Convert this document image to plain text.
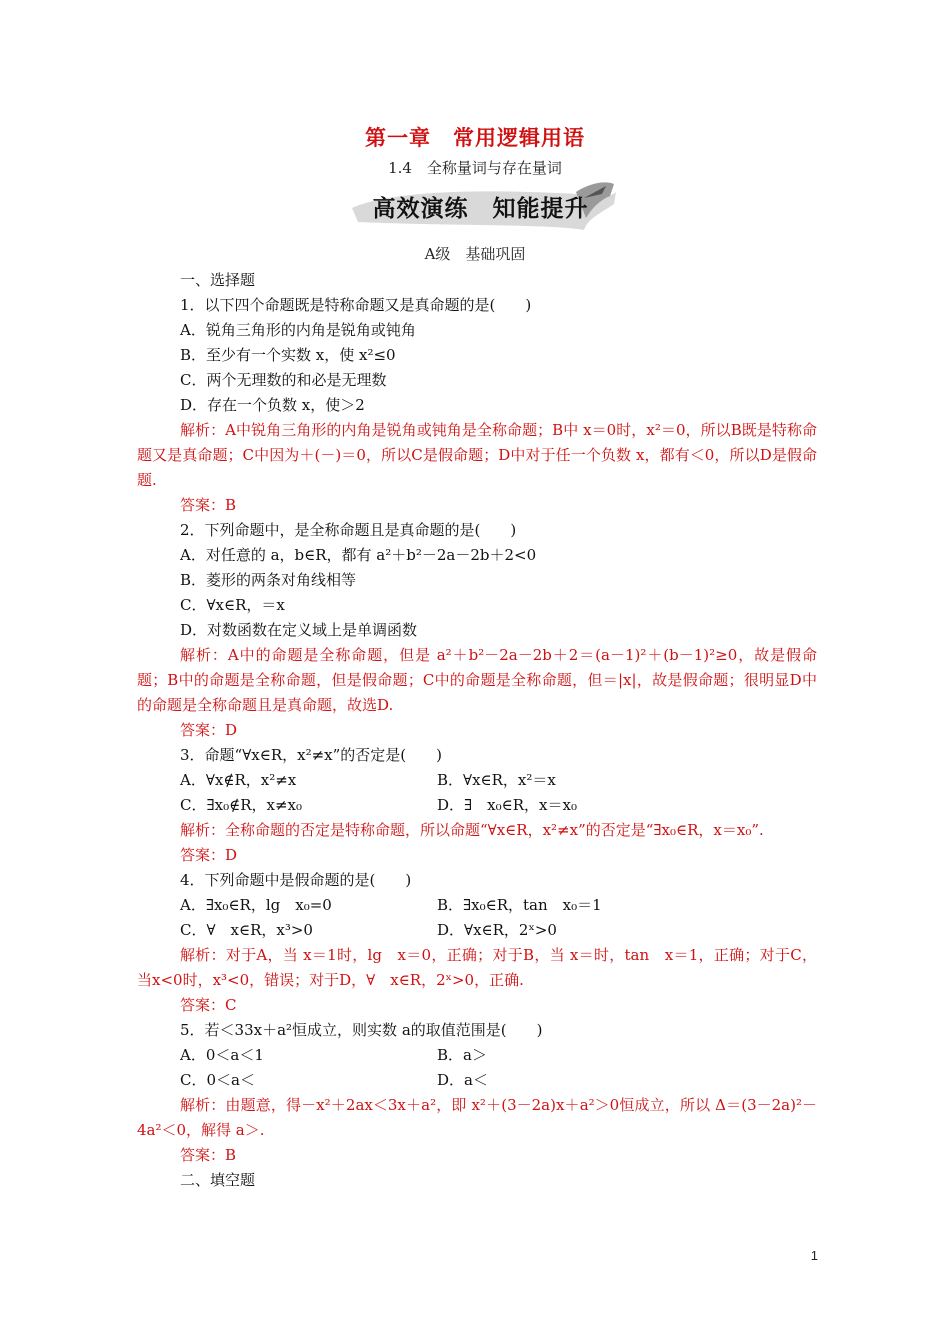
第一章　常用逻辑用语
1.4　全称量词与存在量词
高效演练　知能提升
A级　基础巩固
一、选择题
1．以下四个命题既是特称命题又是真命题的是(　　)
A．锐角三角形的内角是锐角或钝角
B．至少有一个实数 x，使 x²≤0
C．两个无理数的和必是无理数
D．存在一个负数 x，使＞2
解析：A中锐角三角形的内角是锐角或钝角是全称命题；B中 x＝0时，x²＝0，所以B既是特称命题又是真命题；C中因为＋(－)＝0，所以C是假命题；D中对于任一个负数 x，都有＜0，所以D是假命题.
答案：B
2．下列命题中，是全称命题且是真命题的是(　　)
A．对任意的 a，b∈R，都有 a²＋b²－2a－2b＋2<0
B．菱形的两条对角线相等
C．∀x∈R，＝x
D．对数函数在定义域上是单调函数
解析：A中的命题是全称命题，但是 a²＋b²－2a－2b＋2＝(a－1)²＋(b－1)²≥0，故是假命题；B中的命题是全称命题，但是假命题；C中的命题是全称命题，但＝|x|，故是假命题；很明显D中的命题是全称命题且是真命题，故选D.
答案：D
3．命题“∀x∈R，x²≠x”的否定是(　　)
A．∀x∉R，x²≠x	B．∀x∈R，x²＝x
C．∃x₀∉R，x≠x₀	D．∃　x₀∈R，x＝x₀
解析：全称命题的否定是特称命题，所以命题“∀x∈R，x²≠x”的否定是“∃x₀∈R，x＝x₀”.
答案：D
4．下列命题中是假命题的是(　　)
A．∃x₀∈R，lg　x₀=0	B．∃x₀∈R，tan　x₀＝1
C．∀　x∈R，x³>0	D．∀x∈R，2ˣ>0
解析：对于A，当 x＝1时，lg　x＝0，正确；对于B，当 x＝时，tan　x＝1，正确；对于C，当x<0时，x³<0，错误；对于D，∀　x∈R，2ˣ>0，正确.
答案：C
5．若＜33x＋a²恒成立，则实数 a的取值范围是(　　)
A．0＜a＜1	B．a＞
C．0＜a＜	D．a＜
解析：由题意，得－x²＋2ax＜3x＋a²，即 x²＋(3－2a)x＋a²＞0恒成立，所以 Δ＝(3－2a)²－4a²＜0，解得 a＞.
答案：B
二、填空题
1
